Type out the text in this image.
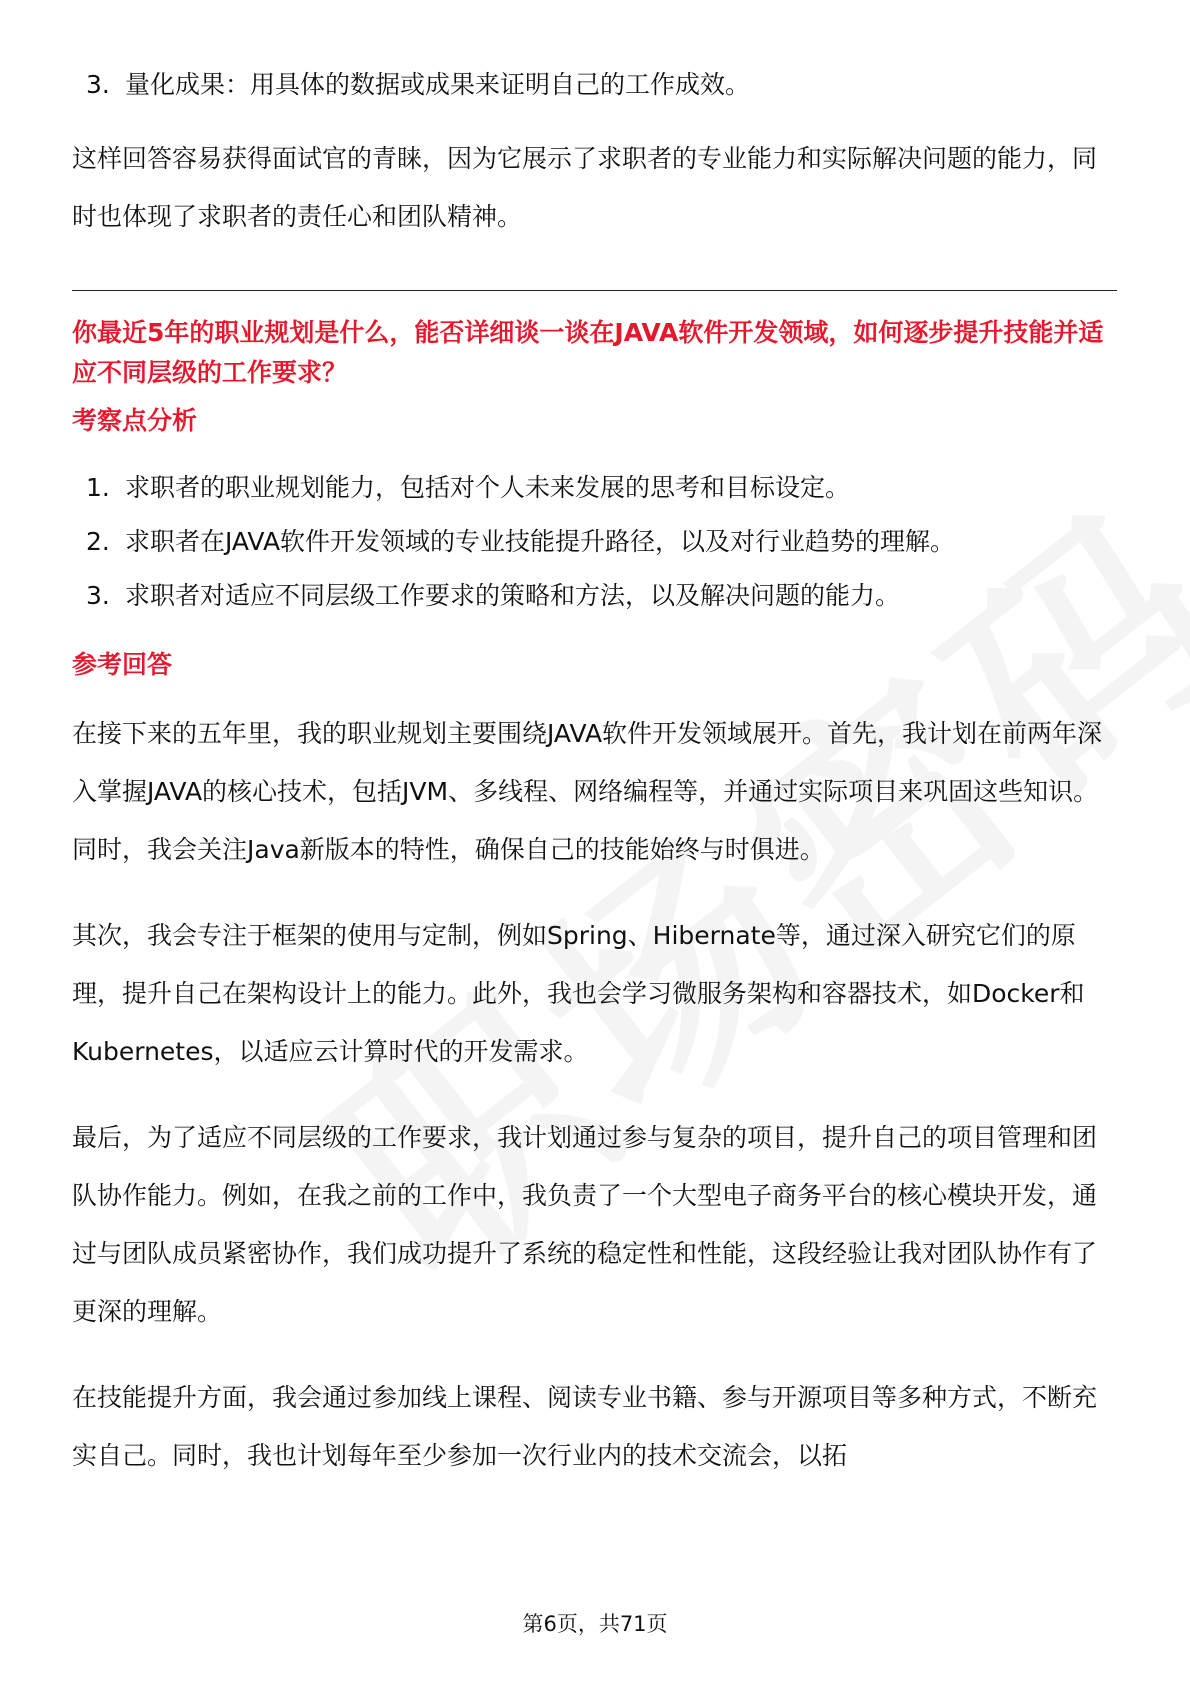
3. 量化成果：用具体的数据或成果来证明自己的工作成效。

这样回答容易获得面试官的青睐，因为它展示了求职者的专业能力和实际解决问题的能力，同时也体现了求职者的责任心和团队精神。

你最近5年的职业规划是什么，能否详细谈一谈在JAVA软件开发领域，如何逐步提升技能并适应不同层级的工作要求？

考察点分析

1. 求职者的职业规划能力，包括对个人未来发展的思考和目标设定。
2. 求职者在JAVA软件开发领域的专业技能提升路径，以及对行业趋势的理解。
3. 求职者对适应不同层级工作要求的策略和方法，以及解决问题的能力。

参考回答

在接下来的五年里，我的职业规划主要围绕JAVA软件开发领域展开。首先，我计划在前两年深入掌握JAVA的核心技术，包括JVM、多线程、网络编程等，并通过实际项目来巩固这些知识。同时，我会关注Java新版本的特性，确保自己的技能始终与时俱进。

其次，我会专注于框架的使用与定制，例如Spring、Hibernate等，通过深入研究它们的原理，提升自己在架构设计上的能力。此外，我也会学习微服务架构和容器技术，如Docker和Kubernetes，以适应云计算时代的开发需求。

最后，为了适应不同层级的工作要求，我计划通过参与复杂的项目，提升自己的项目管理和团队协作能力。例如，在我之前的工作中，我负责了一个大型电子商务平台的核心模块开发，通过与团队成员紧密协作，我们成功提升了系统的稳定性和性能，这段经验让我对团队协作有了更深的理解。

在技能提升方面，我会通过参加线上课程、阅读专业书籍、参与开源项目等多种方式，不断充实自己。同时，我也计划每年至少参加一次行业内的技术交流会，以拓

第6页，共71页
